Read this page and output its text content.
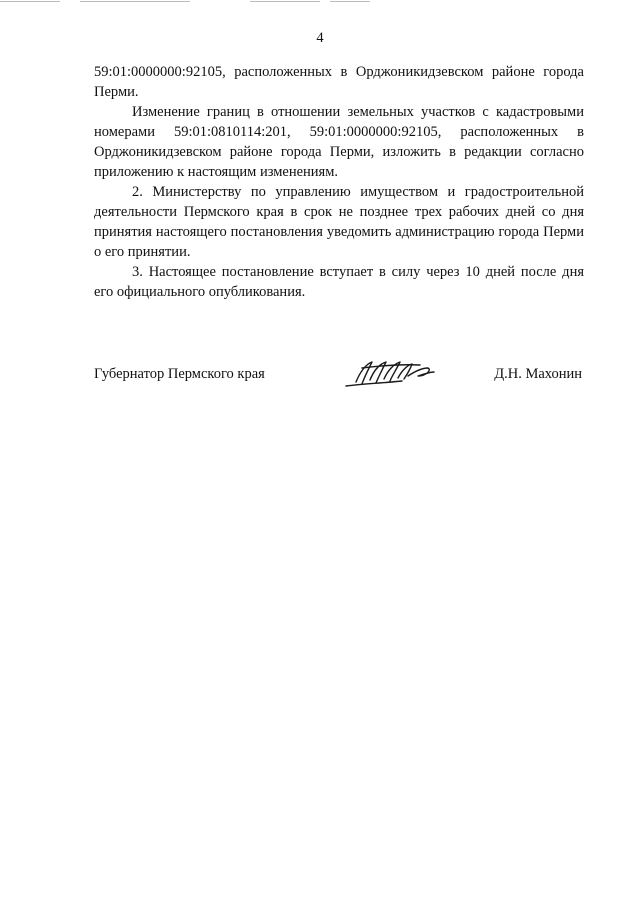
4

59:01:0000000:92105, расположенных в Орджоникидзевском районе города Перми.

Изменение границ в отношении земельных участков с кадастровыми номерами 59:01:0810114:201, 59:01:0000000:92105, расположенных в Орджоникидзевском районе города Перми, изложить в редакции согласно приложению к настоящим изменениям.

2. Министерству по управлению имуществом и градостроительной деятельности Пермского края в срок не позднее трех рабочих дней со дня принятия настоящего постановления уведомить администрацию города Перми о его принятии.

3. Настоящее постановление вступает в силу через 10 дней после дня его официального опубликования.

Губернатор Пермского края	Д.Н. Махонин
